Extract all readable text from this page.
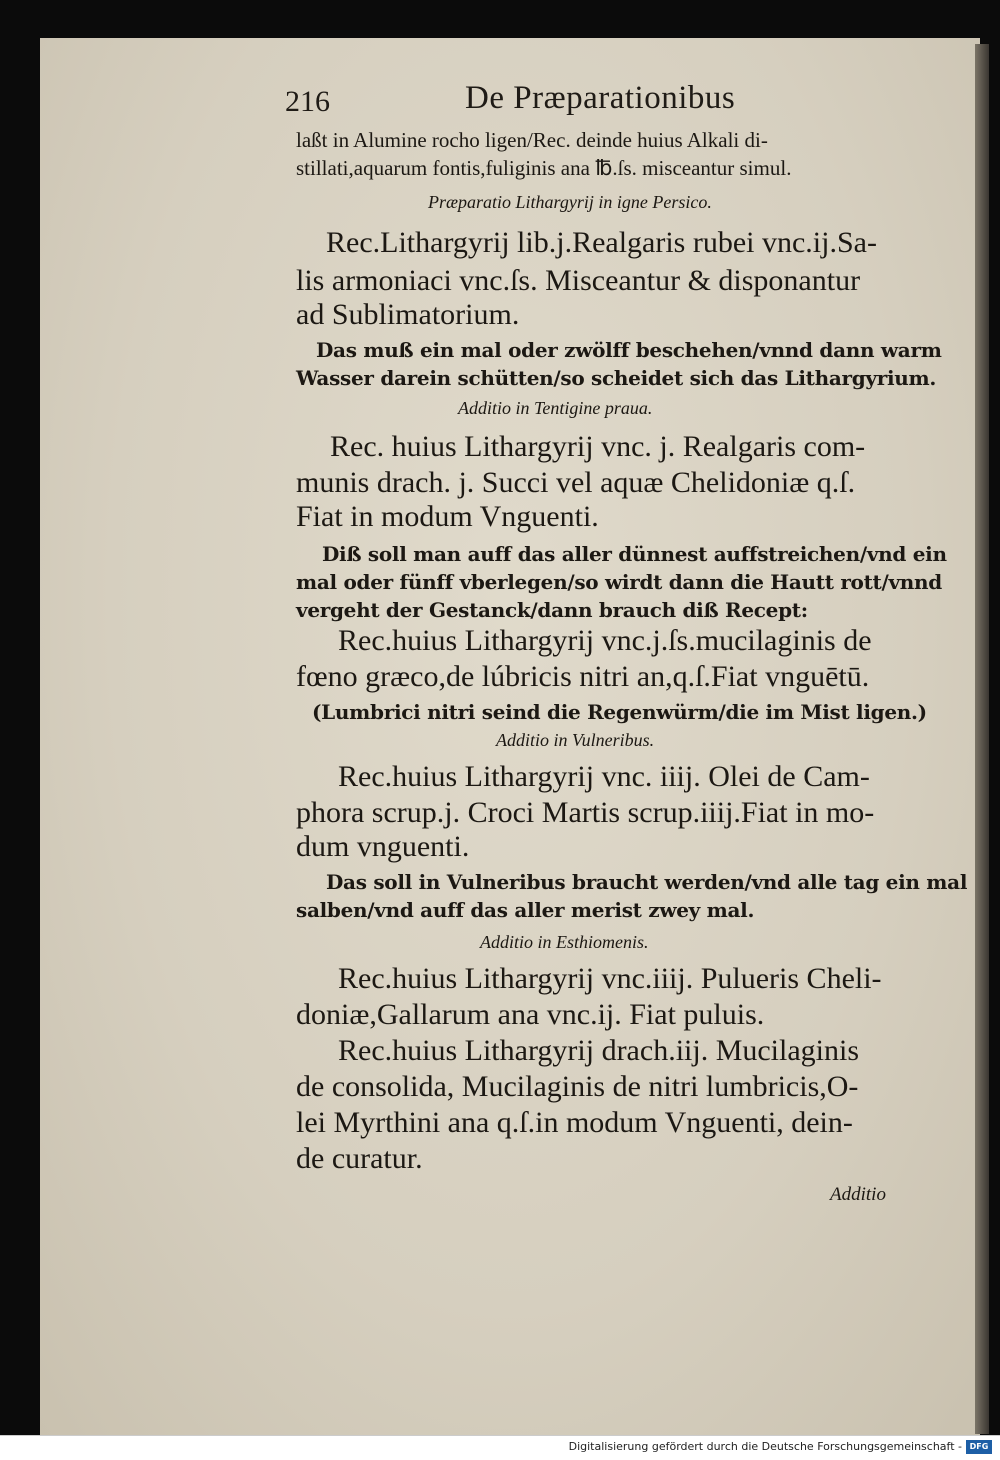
216	De Præparationibus
laßt in Alumine rocho ligen/Rec. deinde huius Alkali di-
stillati,aquarum fontis,fuliginis ana ℔.ſs. misceantur simul.
Præparatio Lithargyrij in igne Persico.
Rec.Lithargyrij lib.j.Realgaris rubei vnc.ij.Sa-
lis armoniaci vnc.ſs. Misceantur & disponantur
ad Sublimatorium.
Das muß ein mal oder zwölff beschehen/vnnd dann warm
Wasser darein schütten/so scheidet sich das Lithargyrium.
Additio in Tentigine praua.
Rec. huius Lithargyrij vnc. j. Realgaris com-
munis drach. j. Succi vel aquæ Chelidoniæ q.ſ.
Fiat in modum Vnguenti.
Diß soll man auff das aller dünnest auffstreichen/vnd ein
mal oder fünff vberlegen/so wirdt dann die Hautt rott/vnnd
vergeht der Gestanck/dann brauch diß Recept:
Rec.huius Lithargyrij vnc.j.ſs.mucilaginis de
fœno græco,de lúbricis nitri an,q.ſ.Fiat vnguētū.
(Lumbrici nitri seind die Regenwürm/die im Mist ligen.)
Additio in Vulneribus.
Rec.huius Lithargyrij vnc. iiij. Olei de Cam-
phora scrup.j. Croci Martis scrup.iiij.Fiat in mo-
dum vnguenti.
Das soll in Vulneribus braucht werden/vnd alle tag ein mal
salben/vnd auff das aller merist zwey mal.
Additio in Esthiomenis.
Rec.huius Lithargyrij vnc.iiij. Pulueris Cheli-
doniæ,Gallarum ana vnc.ij. Fiat puluis.
Rec.huius Lithargyrij drach.iij. Mucilaginis
de consolida, Mucilaginis de nitri lumbricis,O-
lei Myrthini ana q.ſ.in modum Vnguenti, dein-
de curatur.
Additio
Digitalisierung gefördert durch die Deutsche Forschungsgemeinschaft - DFG
